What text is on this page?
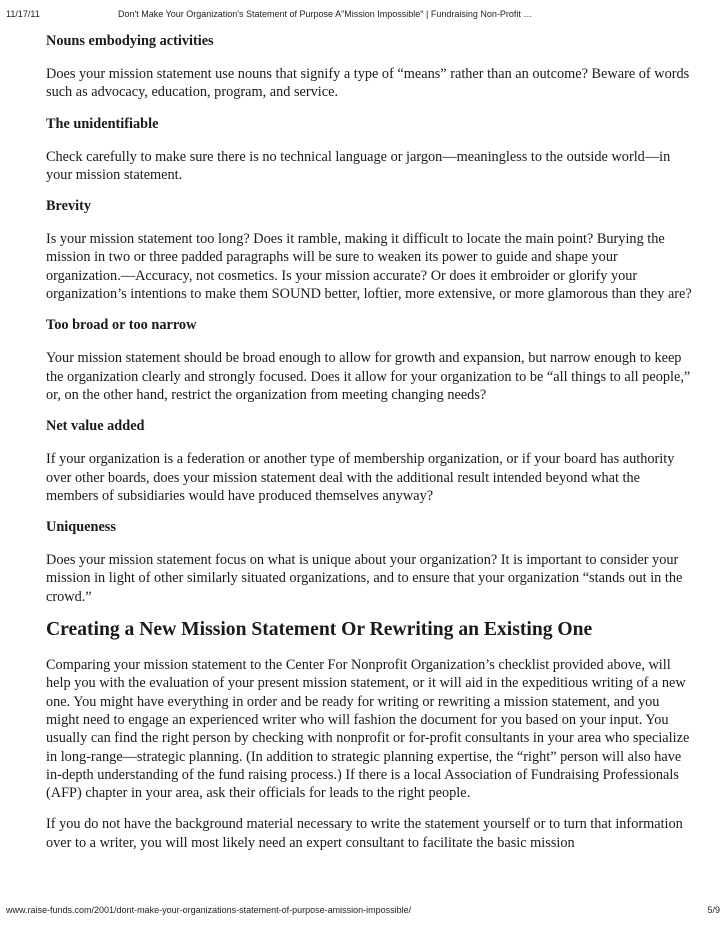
11/17/11	Don't Make Your Organization's Statement of Purpose A"Mission Impossible" | Fundraising Non-Profit …
Nouns embodying activities

Does your mission statement use nouns that signify a type of “means” rather than an outcome? Beware of words such as advocacy, education, program, and service.

The unidentifiable

Check carefully to make sure there is no technical language or jargon—meaningless to the outside world—in your mission statement.

Brevity

Is your mission statement too long? Does it ramble, making it difficult to locate the main point? Burying the mission in two or three padded paragraphs will be sure to weaken its power to guide and shape your organization.—Accuracy, not cosmetics. Is your mission accurate? Or does it embroider or glorify your organization’s intentions to make them SOUND better, loftier, more extensive, or more glamorous than they are?

Too broad or too narrow

Your mission statement should be broad enough to allow for growth and expansion, but narrow enough to keep the organization clearly and strongly focused. Does it allow for your organization to be “all things to all people,” or, on the other hand, restrict the organization from meeting changing needs?

Net value added

If your organization is a federation or another type of membership organization, or if your board has authority over other boards, does your mission statement deal with the additional result intended beyond what the members of subsidiaries would have produced themselves anyway?

Uniqueness

Does your mission statement focus on what is unique about your organization? It is important to consider your mission in light of other similarly situated organizations, and to ensure that your organization “stands out in the crowd.”

Creating a New Mission Statement Or Rewriting an Existing One

Comparing your mission statement to the Center For Nonprofit Organization’s checklist provided above, will help you with the evaluation of your present mission statement, or it will aid in the expeditious writing of a new one. You might have everything in order and be ready for writing or rewriting a mission statement, and you might need to engage an experienced writer who will fashion the document for you based on your input. You usually can find the right person by checking with nonprofit or for-profit consultants in your area who specialize in long-range—strategic planning. (In addition to strategic planning expertise, the “right” person will also have in-depth understanding of the fund raising process.) If there is a local Association of Fundraising Professionals (AFP) chapter in your area, ask their officials for leads to the right people.

If you do not have the background material necessary to write the statement yourself or to turn that information over to a writer, you will most likely need an expert consultant to facilitate the basic mission

www.raise-funds.com/2001/dont-make-your-organizations-statement-of-purpose-amission-impossible/	5/9
